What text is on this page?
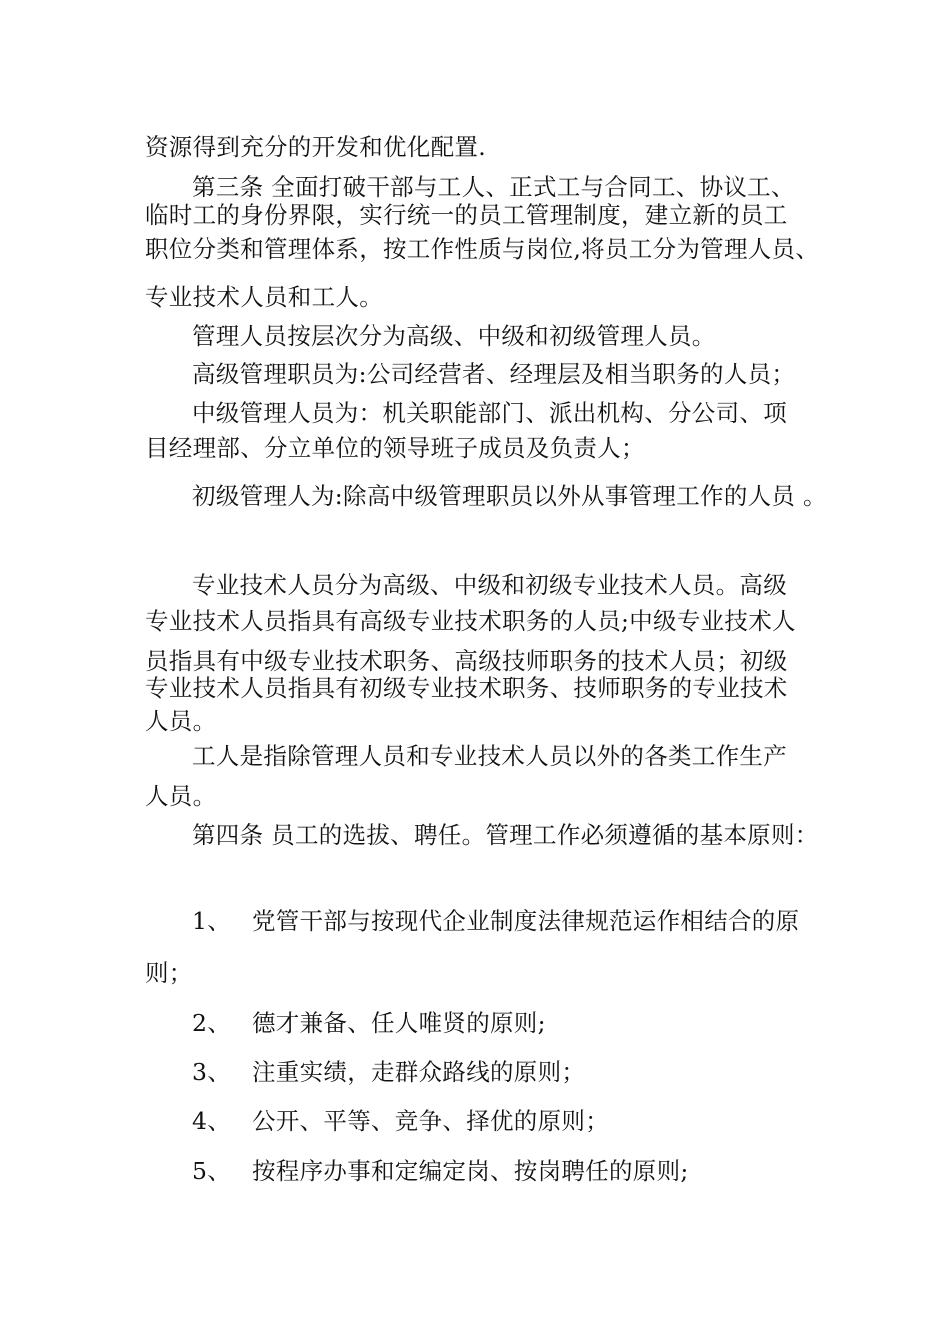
资源得到充分的开发和优化配置.
第三条 全面打破干部与工人、正式工与合同工、协议工、
临时工的身份界限，实行统一的员工管理制度，建立新的员工
职位分类和管理体系，按工作性质与岗位,将员工分为管理人员、
专业技术人员和工人。
管理人员按层次分为高级、中级和初级管理人员。
高级管理职员为:公司经营者、经理层及相当职务的人员；
中级管理人员为：机关职能部门、派出机构、分公司、项
目经理部、分立单位的领导班子成员及负责人；
初级管理人为:除高中级管理职员以外从事管理工作的人员 。
专业技术人员分为高级、中级和初级专业技术人员。高级
专业技术人员指具有高级专业技术职务的人员;中级专业技术人
员指具有中级专业技术职务、高级技师职务的技术人员；初级
专业技术人员指具有初级专业技术职务、技师职务的专业技术
人员。
工人是指除管理人员和专业技术人员以外的各类工作生产
人员。
第四条 员工的选拔、聘任。管理工作必须遵循的基本原则：
1、 党管干部与按现代企业制度法律规范运作相结合的原
则；
2、 德才兼备、任人唯贤的原则;
3、 注重实绩，走群众路线的原则；
4、 公开、平等、竞争、择优的原则；
5、 按程序办事和定编定岗、按岗聘任的原则;
